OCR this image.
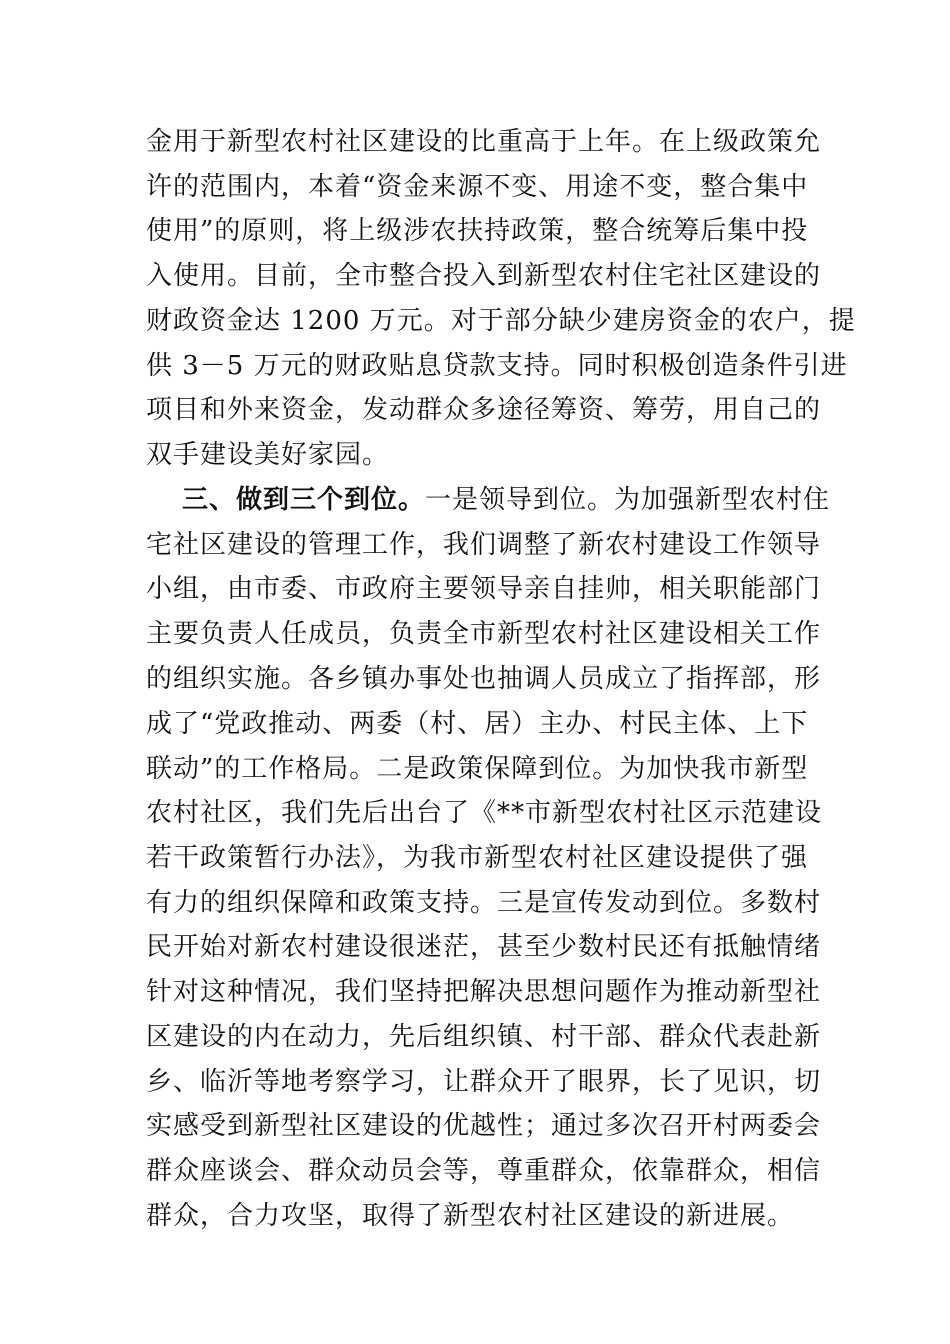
金用于新型农村社区建设的比重高于上年。在上级政策允
许的范围内，本着“资金来源不变、用途不变，整合集中
使用”的原则，将上级涉农扶持政策，整合统筹后集中投
入使用。目前，全市整合投入到新型农村住宅社区建设的
财政资金达 1200 万元。对于部分缺少建房资金的农户，提
供 3－5 万元的财政贴息贷款支持。同时积极创造条件引进
项目和外来资金，发动群众多途径筹资、筹劳，用自己的
双手建设美好家园。
三、做到三个到位。一是领导到位。为加强新型农村住
宅社区建设的管理工作，我们调整了新农村建设工作领导
小组，由市委、市政府主要领导亲自挂帅，相关职能部门
主要负责人任成员，负责全市新型农村社区建设相关工作
的组织实施。各乡镇办事处也抽调人员成立了指挥部，形
成了“党政推动、两委（村、居）主办、村民主体、上下
联动”的工作格局。二是政策保障到位。为加快我市新型
农村社区，我们先后出台了《**市新型农村社区示范建设
若干政策暂行办法》，为我市新型农村社区建设提供了强
有力的组织保障和政策支持。三是宣传发动到位。多数村
民开始对新农村建设很迷茫，甚至少数村民还有抵触情绪
针对这种情况，我们坚持把解决思想问题作为推动新型社
区建设的内在动力，先后组织镇、村干部、群众代表赴新
乡、临沂等地考察学习，让群众开了眼界，长了见识，切
实感受到新型社区建设的优越性；通过多次召开村两委会
群众座谈会、群众动员会等，尊重群众，依靠群众，相信
群众，合力攻坚，取得了新型农村社区建设的新进展。
